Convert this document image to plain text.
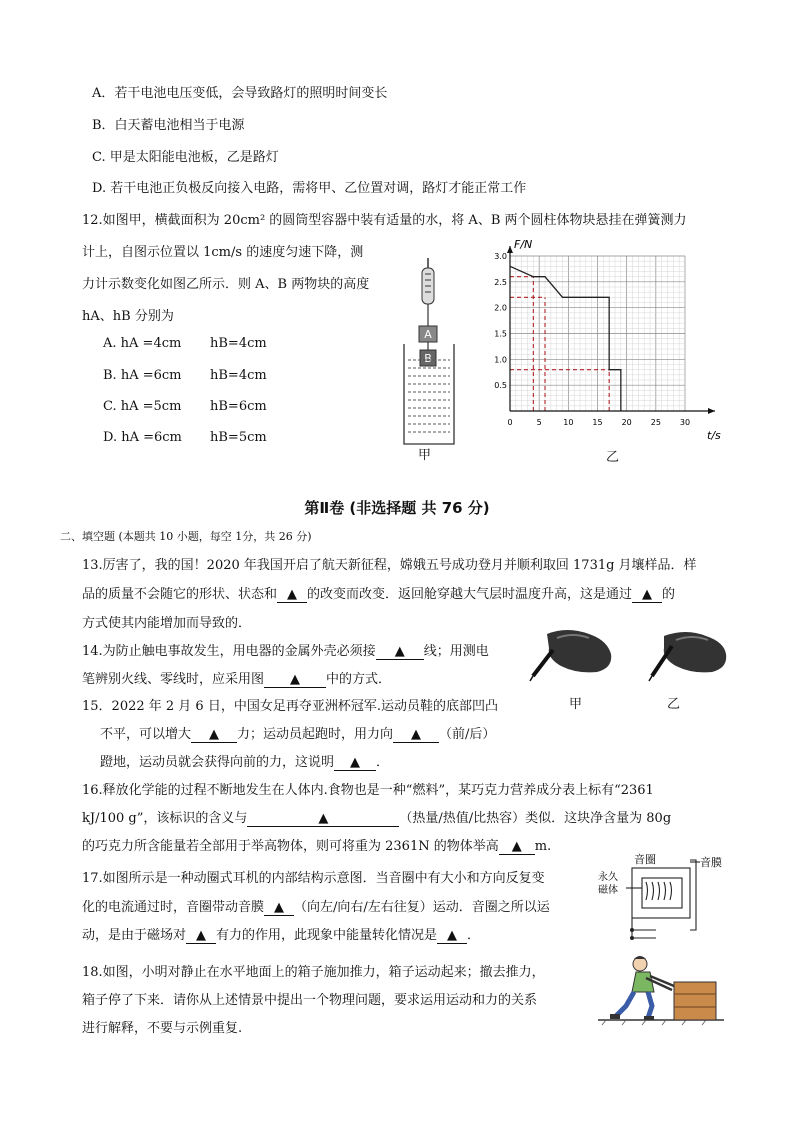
A．若干电池电压变低，会导致路灯的照明时间变长
B．白天蓄电池相当于电源
C. 甲是太阳能电池板，乙是路灯
D. 若干电池正负极反向接入电路，需将甲、乙位置对调，路灯才能正常工作
12.如图甲，横截面积为 20cm² 的圆筒型容器中装有适量的水，将 A、B 两个圆柱体物块悬挂在弹簧测力
计上，自图示位置以 1cm/s 的速度匀速下降，测
力计示数变化如图乙所示．则 A、B 两物块的高度
hA、hB 分别为
A. hA =4cm hB=4cm
B. hA =6cm hB=4cm
C. hA =5cm hB=6cm
D. hA =6cm hB=5cm
A
B
甲
F/N
t/s
0	5	10 15 20 25 30
0.5
1.0
1.5
2.0
2.5
3.0
乙
第Ⅱ卷 (非选择题 共 76 分)
二、填空题 (本题共 10 小题，每空 1分，共 26 分)
13.厉害了，我的国！2020 年我国开启了航天新征程，嫦娥五号成功登月并顺利取回 1731g 月壤样品．样
品的质量不会随它的形状、状态和 ▲ 的改变而改变．返回舱穿越大气层时温度升高，这是通过 ▲ 的
方式使其内能增加而导致的．
14.为防止触电事故发生，用电器的金属外壳必须接 ▲ 线；用测电
笔辨别火线、零线时，应采用图 ▲ 中的方式．
甲	乙
15．2022 年 2 月 6 日，中国女足再夺亚洲杯冠军.运动员鞋的底部凹凸
不平，可以增大 ▲ 力；运动员起跑时，用力向 ▲ （前/后）
蹬地，运动员就会获得向前的力，这说明 ▲ ．
16.释放化学能的过程不断地发生在人体内.食物也是一种“燃料”，某巧克力营养成分表上标有“2361
kJ/100 g”，该标识的含义与	▲	（热量/热值/比热容）类似．这块净含量为 80g
的巧克力所含能量若全部用于举高物体，则可将重为 2361N 的物体举高 ▲ m.
17.如图所示是一种动圈式耳机的内部结构示意图．当音圈中有大小和方向反复变
化的电流通过时，音圈带动音膜 ▲ （向左/向右/左右往复）运动．音圈之所以运
动，是由于磁场对 ▲ 有力的作用，此现象中能量转化情况是 ▲ ．
音圈	音膜
永久
磁体
18.如图，小明对静止在水平地面上的箱子施加推力，箱子运动起来；撤去推力，
箱子停了下来．请你从上述情景中提出一个物理问题，要求运用运动和力的关系
进行解释，不要与示例重复.
